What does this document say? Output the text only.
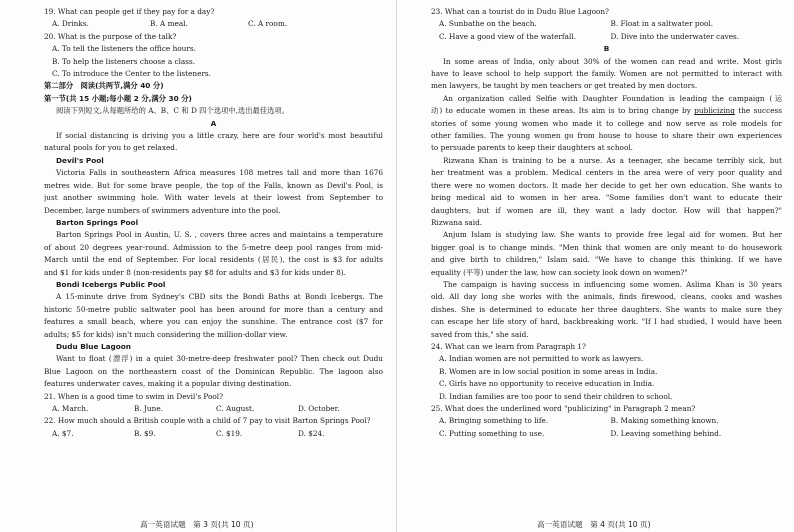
19. What can people get if they pay for a day?
A. Drinks.	B. A meal.	C. A room.
20. What is the purpose of the talk?
A. To tell the listeners the office hours.
B. To help the listeners choose a class.
C. To introduce the Center to the listeners.
第二部分　阅读(共两节,满分 40 分)
第一节(共 15 小题;每小题 2 分,满分 30 分)
阅读下列短文,从每题所给的 A、B、C 和 D 四个选项中,选出最佳选项。
A
If social distancing is driving you a little crazy, here are four world's most beautiful
natural pools for you to get relaxed.
Devil's Pool
Victoria Falls in southeastern Africa measures 108 metres tall and more than 1676
metres wide. But for some brave people, the top of the Falls, known as Devil's Pool, is
just another swimming hole. With water levels at their lowest from September to
December, large numbers of swimmers adventure into the pool.
Barton Springs Pool
Barton Springs Pool in Austin, U. S. , covers three acres and maintains a temperature
of about 20 degrees year-round. Admission to the 5-metre deep pool ranges from mid-
March until the end of September. For local residents (居民), the cost is $3 for adults
and $1 for kids under 8 (non-residents pay $8 for adults and $3 for kids under 8).
Bondi Icebergs Public Pool
A 15-minute drive from Sydney's CBD sits the Bondi Baths at Bondi Icebergs. The
historic 50-metre public saltwater pool has been around for more than a century and
features a small beach, where you can enjoy the sunshine. The entrance cost ($7 for
adults; $5 for kids) isn't much considering the million-dollar view.
Dudu Blue Lagoon
Want to float (漂浮) in a quiet 30-metre-deep freshwater pool? Then check out Dudu
Blue Lagoon on the northeastern coast of the Dominican Republic. The lagoon also
features underwater caves, making it a popular diving destination.
21. When is a good time to swim in Devil's Pool?
A. March.	B. June.	C. August.	D. October.
22. How much should a British couple with a child of 7 pay to visit Barton Springs Pool?
A. $7.	B. $9.	C. $19.	D. $24.
高一英语试题　第 3 页(共 10 页)
23. What can a tourist do in Dudu Blue Lagoon?
A. Sunbathe on the beach.	B. Float in a saltwater pool.
C. Have a good view of the waterfall.	D. Dive into the underwater caves.
B
In some areas of India, only about 30% of the women can read and write. Most girls
have to leave school to help support the family. Women are not permitted to interact with
men lawyers, be taught by men teachers or get treated by men doctors.
An organization called Selfie with Daughter Foundation is leading the campaign (运
动) to educate women in these areas. Its aim is to bring change by publicizing the success
stories of some young women who made it to college and now serve as role models for
other families. The young women go from house to house to share their own experiences
to persuade parents to keep their daughters at school.
Rizwana Khan is training to be a nurse. As a teenager, she became terribly sick, but
her treatment was a problem. Medical centers in the area were of very poor quality and
there were no women doctors. It made her decide to get her own education. She wants to
bring medical aid to women in her area. "Some families don't want to educate their
daughters, but if women are ill, they want a lady doctor. How will that happen?"
Rizwana said.
Anjum Islam is studying law. She wants to provide free legal aid for women. But her
bigger goal is to change minds. "Men think that women are only meant to do housework
and give birth to children," Islam said. "We have to change this thinking. If we have
equality (平等) under the law, how can society look down on women?"
The campaign is having success in influencing some women. Aslima Khan is 30 years
old. All day long she works with the animals, finds firewood, cleans, cooks and washes
dishes. She is determined to educate her three daughters. She wants to make sure they
can escape her life story of hard, backbreaking work. "If I had studied, I would have been
saved from this," she said.
24. What can we learn from Paragraph 1?
A. Indian women are not permitted to work as lawyers.
B. Women are in low social position in some areas in India.
C. Girls have no opportunity to receive education in India.
D. Indian families are too poor to send their children to school.
25. What does the underlined word "publicizing" in Paragraph 2 mean?
A. Bringing something to life.	B. Making something known.
C. Putting something to use.	D. Leaving something behind.
高一英语试题　第 4 页(共 10 页)
